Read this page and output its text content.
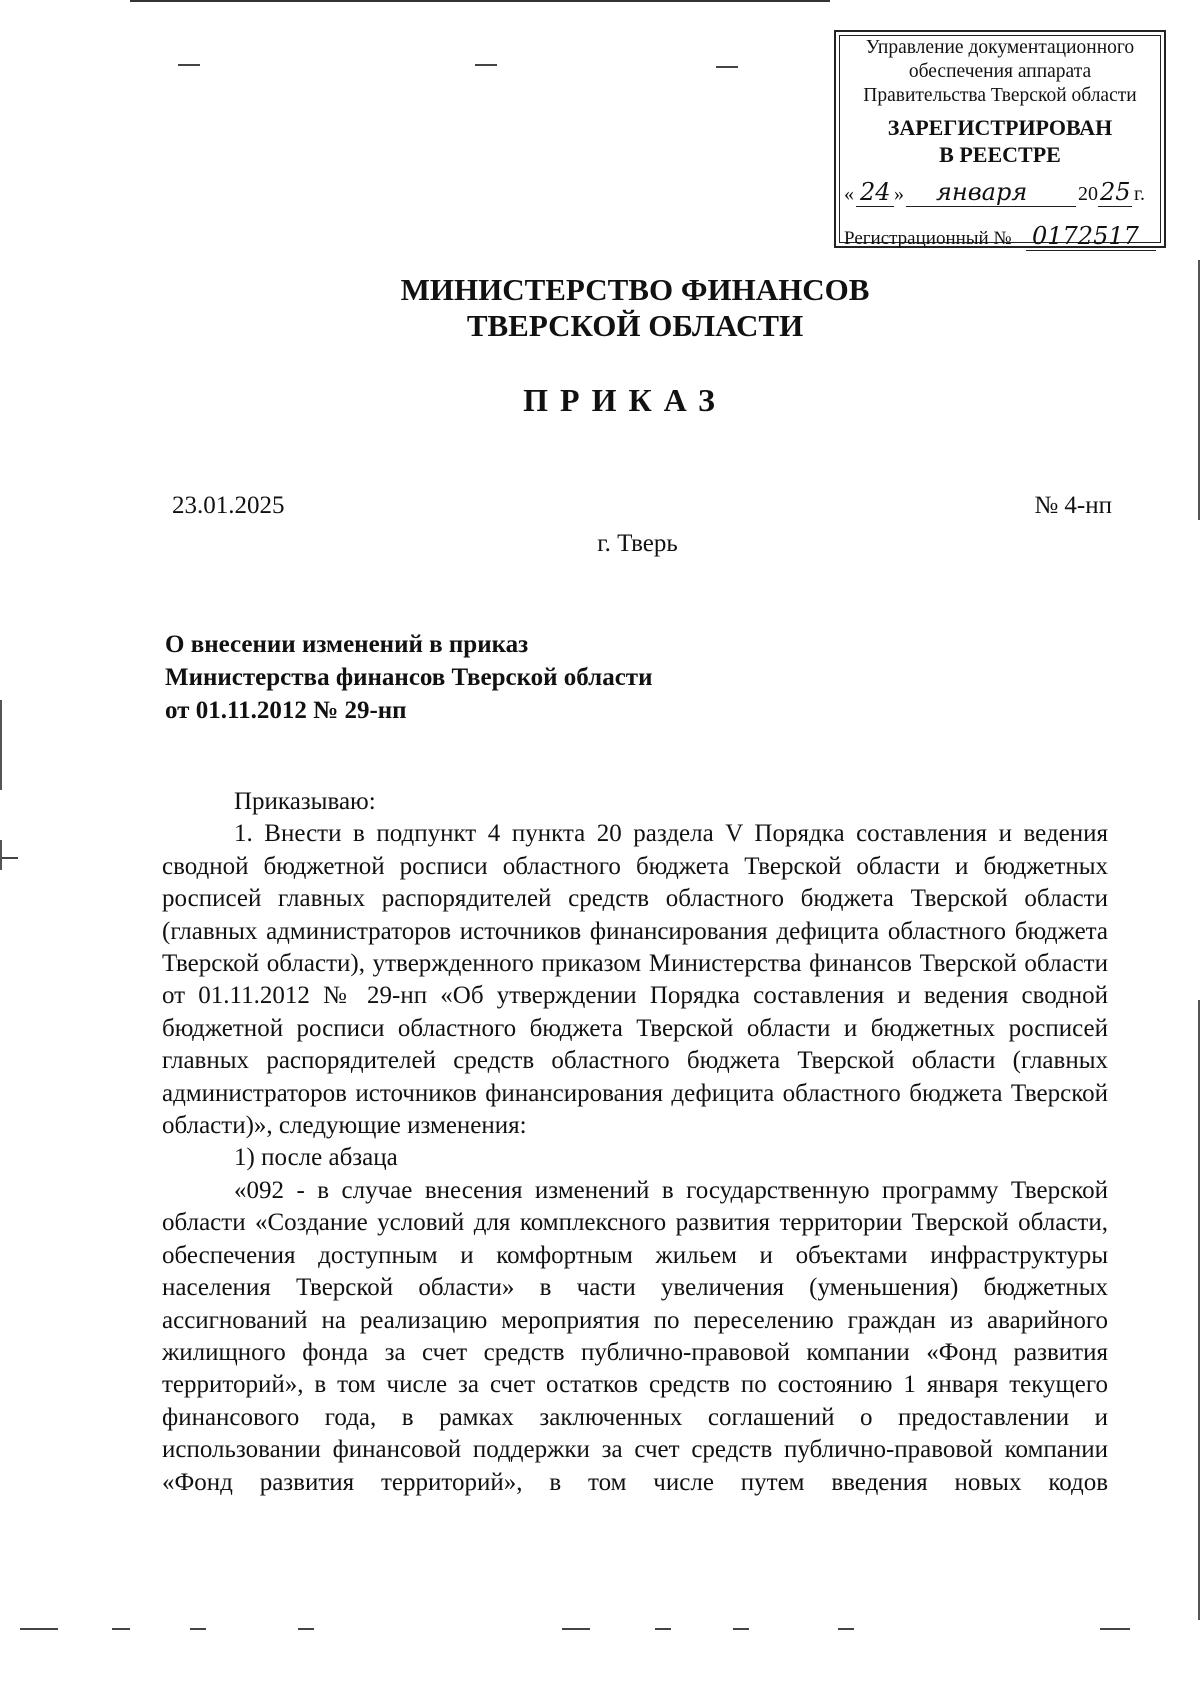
Управление документационного
обеспечения аппарата
Правительства Тверской области
ЗАРЕГИСТРИРОВАН
В РЕЕСТРЕ
« 24 » января	20 25 г.
Регистрационный № 0172517
МИНИСТЕРСТВО ФИНАНСОВ
ТВЕРСКОЙ ОБЛАСТИ
ПРИКАЗ
23.01.2025	№ 4-нп
г. Тверь
О внесении изменений в приказ
Министерства финансов Тверской области
от 01.11.2012 № 29-нп

Приказываю:

1. Внести в подпункт 4 пункта 20 раздела V Порядка составления и ведения сводной бюджетной росписи областного бюджета Тверской области и бюджетных росписей главных распорядителей средств областного бюджета Тверской области (главных администраторов источников финансирования дефицита областного бюджета Тверской области), утвержденного приказом Министерства финансов Тверской области от 01.11.2012 № 29-нп «Об утверждении Порядка составления и ведения сводной бюджетной росписи областного бюджета Тверской области и бюджетных росписей главных распорядителей средств областного бюджета Тверской области (главных администраторов источников финансирования дефицита областного бюджета Тверской области)», следующие изменения:

1) после абзаца

«092 - в случае внесения изменений в государственную программу Тверской области «Создание условий для комплексного развития территории Тверской области, обеспечения доступным и комфортным жильем и объектами инфраструктуры населения Тверской области» в части увеличения (уменьшения) бюджетных ассигнований на реализацию мероприятия по переселению граждан из аварийного жилищного фонда за счет средств публично-правовой компании «Фонд развития территорий», в том числе за счет остатков средств по состоянию 1 января текущего финансового года, в рамках заключенных соглашений о предоставлении и использовании финансовой поддержки за счет средств публично-правовой компании «Фонд развития территорий», в том числе путем введения новых кодов
